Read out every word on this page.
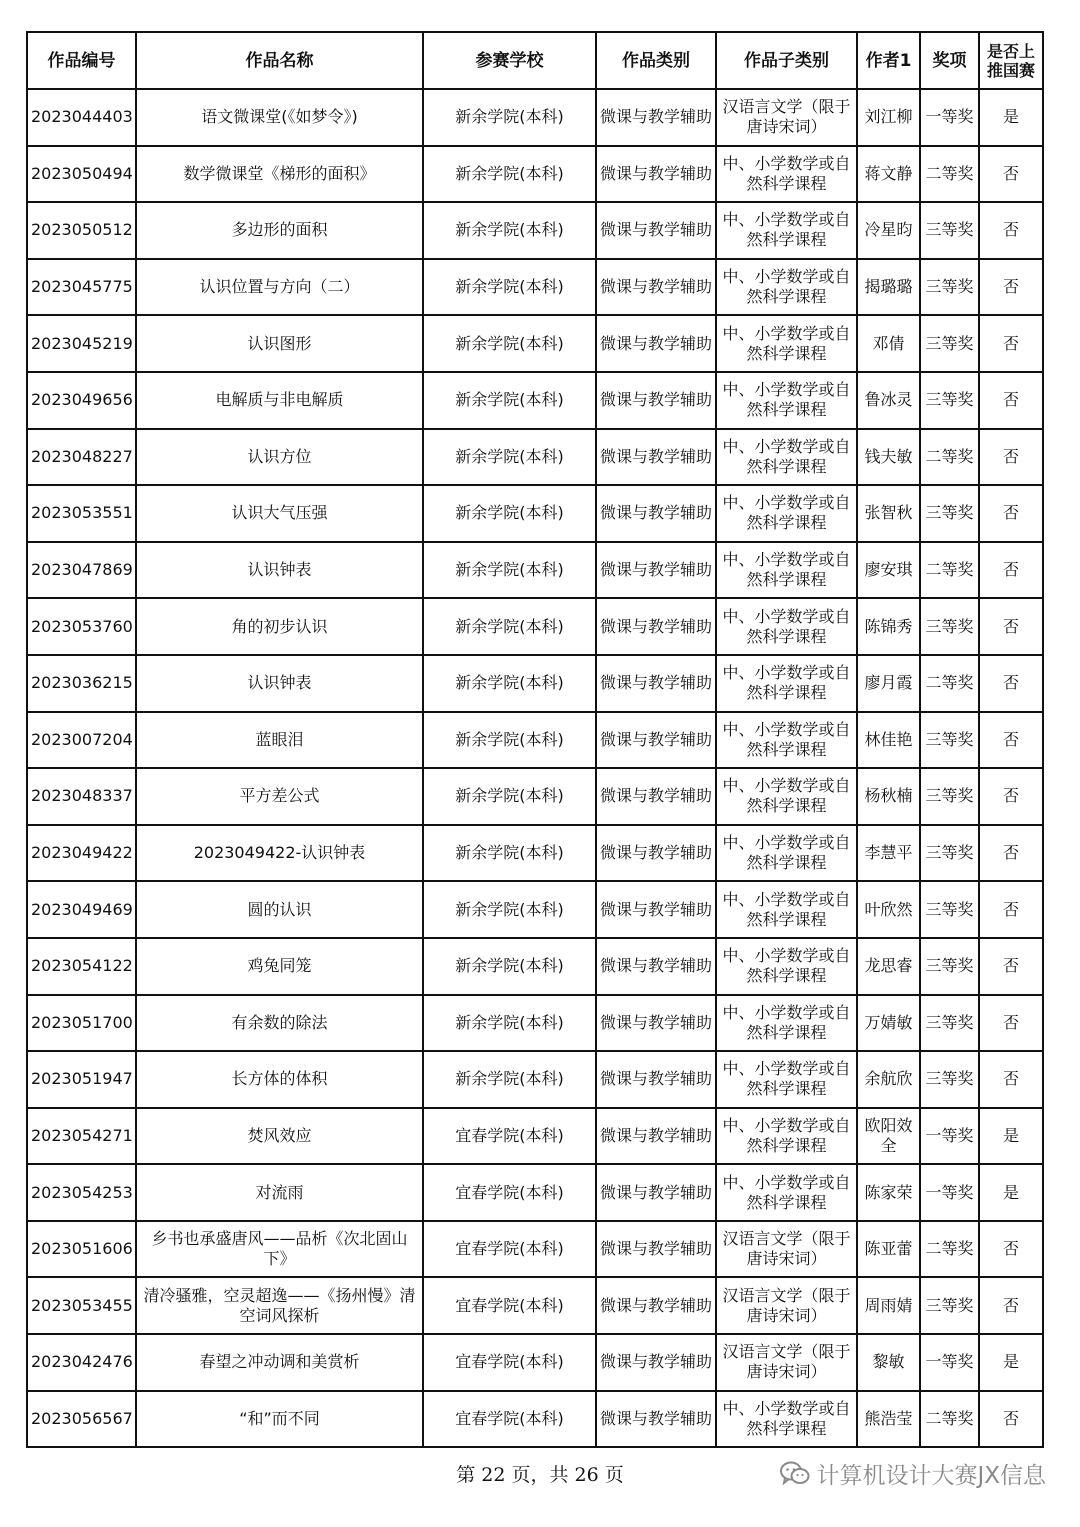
作品编号	作品名称	参赛学校	作品类别	作品子类别	作者1	奖项	是否上推国赛
2023044403	语文微课堂(《如梦令》)	新余学院(本科)	微课与教学辅助	汉语言文学（限于唐诗宋词）	刘江柳	一等奖	是
2023050494	数学微课堂《梯形的面积》	新余学院(本科)	微课与教学辅助	中、小学数学或自然科学课程	蒋文静	二等奖	否
2023050512	多边形的面积	新余学院(本科)	微课与教学辅助	中、小学数学或自然科学课程	冷星昀	三等奖	否
2023045775	认识位置与方向（二）	新余学院(本科)	微课与教学辅助	中、小学数学或自然科学课程	揭璐璐	三等奖	否
2023045219	认识图形	新余学院(本科)	微课与教学辅助	中、小学数学或自然科学课程	邓倩	三等奖	否
2023049656	电解质与非电解质	新余学院(本科)	微课与教学辅助	中、小学数学或自然科学课程	鲁冰灵	三等奖	否
2023048227	认识方位	新余学院(本科)	微课与教学辅助	中、小学数学或自然科学课程	钱夫敏	二等奖	否
2023053551	认识大气压强	新余学院(本科)	微课与教学辅助	中、小学数学或自然科学课程	张智秋	三等奖	否
2023047869	认识钟表	新余学院(本科)	微课与教学辅助	中、小学数学或自然科学课程	廖安琪	二等奖	否
2023053760	角的初步认识	新余学院(本科)	微课与教学辅助	中、小学数学或自然科学课程	陈锦秀	三等奖	否
2023036215	认识钟表	新余学院(本科)	微课与教学辅助	中、小学数学或自然科学课程	廖月霞	二等奖	否
2023007204	蓝眼泪	新余学院(本科)	微课与教学辅助	中、小学数学或自然科学课程	林佳艳	三等奖	否
2023048337	平方差公式	新余学院(本科)	微课与教学辅助	中、小学数学或自然科学课程	杨秋楠	三等奖	否
2023049422	2023049422-认识钟表	新余学院(本科)	微课与教学辅助	中、小学数学或自然科学课程	李慧平	三等奖	否
2023049469	圆的认识	新余学院(本科)	微课与教学辅助	中、小学数学或自然科学课程	叶欣然	三等奖	否
2023054122	鸡兔同笼	新余学院(本科)	微课与教学辅助	中、小学数学或自然科学课程	龙思睿	三等奖	否
2023051700	有余数的除法	新余学院(本科)	微课与教学辅助	中、小学数学或自然科学课程	万婧敏	三等奖	否
2023051947	长方体的体积	新余学院(本科)	微课与教学辅助	中、小学数学或自然科学课程	余航欣	三等奖	否
2023054271	焚风效应	宜春学院(本科)	微课与教学辅助	中、小学数学或自然科学课程	欧阳效全	一等奖	是
2023054253	对流雨	宜春学院(本科)	微课与教学辅助	中、小学数学或自然科学课程	陈家荣	一等奖	是
2023051606	乡书也承盛唐风——品析《次北固山下》	宜春学院(本科)	微课与教学辅助	汉语言文学（限于唐诗宋词）	陈亚蕾	二等奖	否
2023053455	清冷骚雅，空灵超逸——《扬州慢》清空词风探析	宜春学院(本科)	微课与教学辅助	汉语言文学（限于唐诗宋词）	周雨婧	三等奖	否
2023042476	春望之冲动调和美赏析	宜春学院(本科)	微课与教学辅助	汉语言文学（限于唐诗宋词）	黎敏	一等奖	是
2023056567	“和”而不同	宜春学院(本科)	微课与教学辅助	中、小学数学或自然科学课程	熊浩莹	二等奖	否
第 22 页，共 26 页	计算机设计大赛JX信息
